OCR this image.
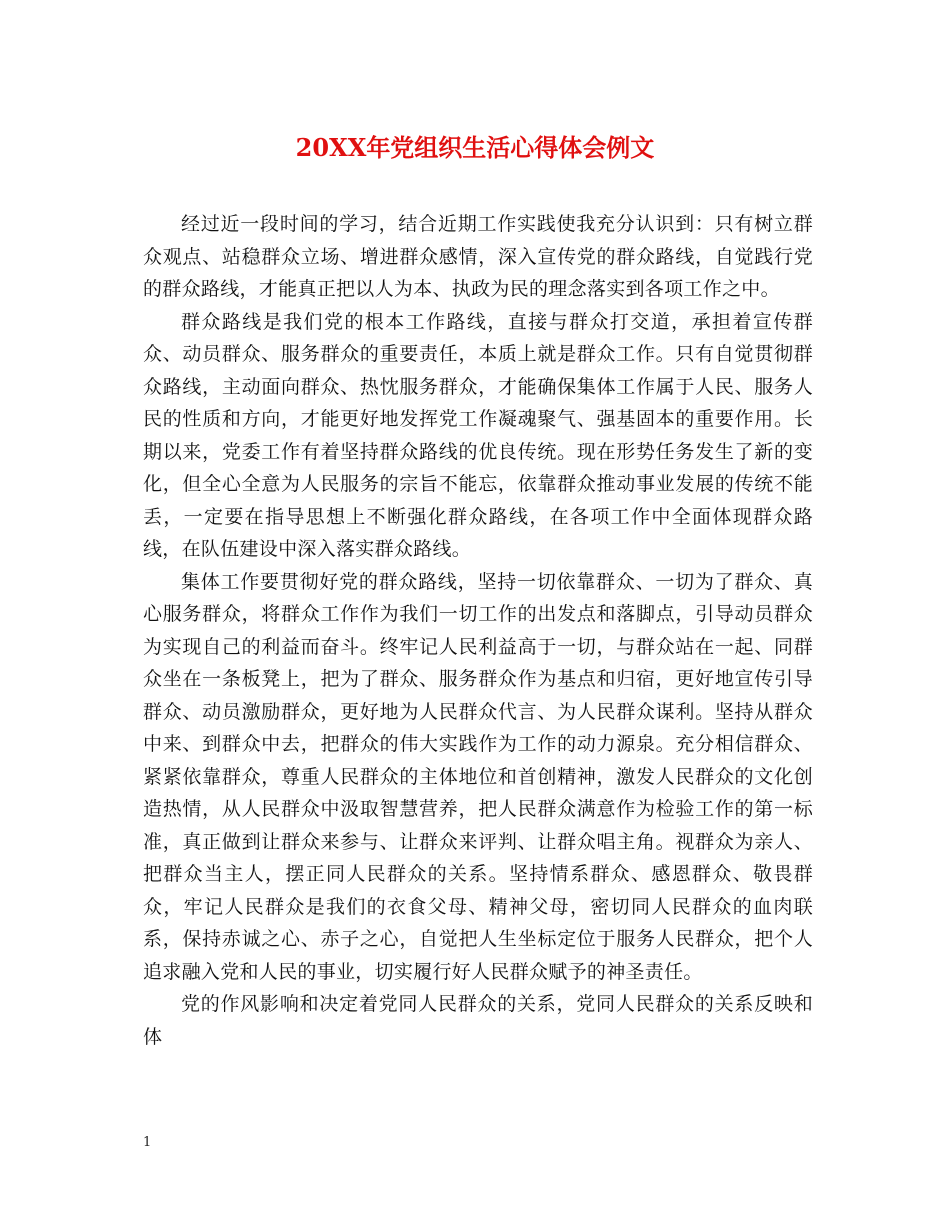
20XX年党组织生活心得体会例文

经过近一段时间的学习，结合近期工作实践使我充分认识到：只有树立群众观点、站稳群众立场、增进群众感情，深入宣传党的群众路线，自觉践行党的群众路线，才能真正把以人为本、执政为民的理念落实到各项工作之中。

群众路线是我们党的根本工作路线，直接与群众打交道，承担着宣传群众、动员群众、服务群众的重要责任，本质上就是群众工作。只有自觉贯彻群众路线，主动面向群众、热忱服务群众，才能确保集体工作属于人民、服务人民的性质和方向，才能更好地发挥党工作凝魂聚气、强基固本的重要作用。长期以来，党委工作有着坚持群众路线的优良传统。现在形势任务发生了新的变化，但全心全意为人民服务的宗旨不能忘，依靠群众推动事业发展的传统不能丢，一定要在指导思想上不断强化群众路线，在各项工作中全面体现群众路线，在队伍建设中深入落实群众路线。

集体工作要贯彻好党的群众路线，坚持一切依靠群众、一切为了群众、真心服务群众，将群众工作作为我们一切工作的出发点和落脚点，引导动员群众为实现自己的利益而奋斗。终牢记人民利益高于一切，与群众站在一起、同群众坐在一条板凳上，把为了群众、服务群众作为基点和归宿，更好地宣传引导群众、动员激励群众，更好地为人民群众代言、为人民群众谋利。坚持从群众中来、到群众中去，把群众的伟大实践作为工作的动力源泉。充分相信群众、紧紧依靠群众，尊重人民群众的主体地位和首创精神，激发人民群众的文化创造热情，从人民群众中汲取智慧营养，把人民群众满意作为检验工作的第一标准，真正做到让群众来参与、让群众来评判、让群众唱主角。视群众为亲人、把群众当主人，摆正同人民群众的关系。坚持情系群众、感恩群众、敬畏群众，牢记人民群众是我们的衣食父母、精神父母，密切同人民群众的血肉联系，保持赤诚之心、赤子之心，自觉把人生坐标定位于服务人民群众，把个人追求融入党和人民的事业，切实履行好人民群众赋予的神圣责任。

党的作风影响和决定着党同人民群众的关系，党同人民群众的关系反映和体

1
